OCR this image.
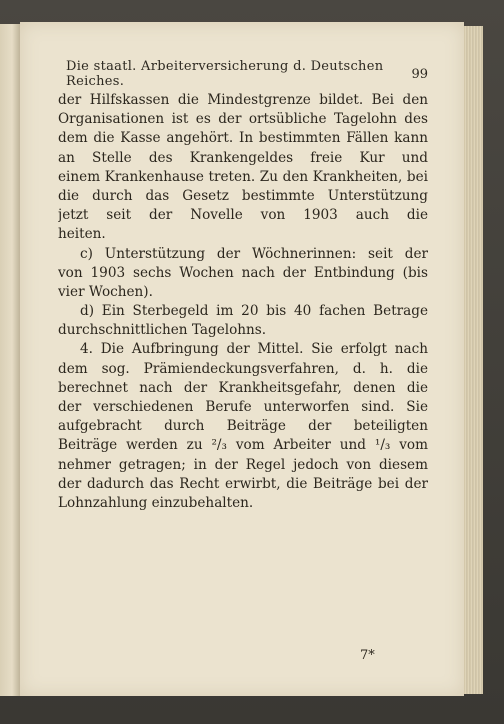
Die staatl. Arbeiterversicherung d. Deutschen Reiches.	99
der Hilfskassen die Mindestgrenze bildet. Bei den
Organisationen ist es der ortsübliche Tagelohn des
dem die Kasse angehört. In bestimmten Fällen kann
an Stelle des Krankengeldes freie Kur und
einem Krankenhause treten. Zu den Krankheiten, bei
die durch das Gesetz bestimmte Unterstützung
jetzt seit der Novelle von 1903 auch die
heiten.
c) Unterstützung der Wöchnerinnen: seit der
von 1903 sechs Wochen nach der Entbindung (bis
vier Wochen).
d) Ein Sterbegeld im 20 bis 40 fachen Betrage
durchschnittlichen Tagelohns.
4. Die Aufbringung der Mittel. Sie erfolgt nach
dem sog. Prämiendeckungsverfahren, d. h. die
berechnet nach der Krankheitsgefahr, denen die
der verschiedenen Berufe unterworfen sind. Sie
aufgebracht durch Beiträge der beteiligten
Beiträge werden zu ²/₃ vom Arbeiter und ¹/₃ vom
nehmer getragen; in der Regel jedoch von diesem
der dadurch das Recht erwirbt, die Beiträge bei der
Lohnzahlung einzubehalten.
7*
